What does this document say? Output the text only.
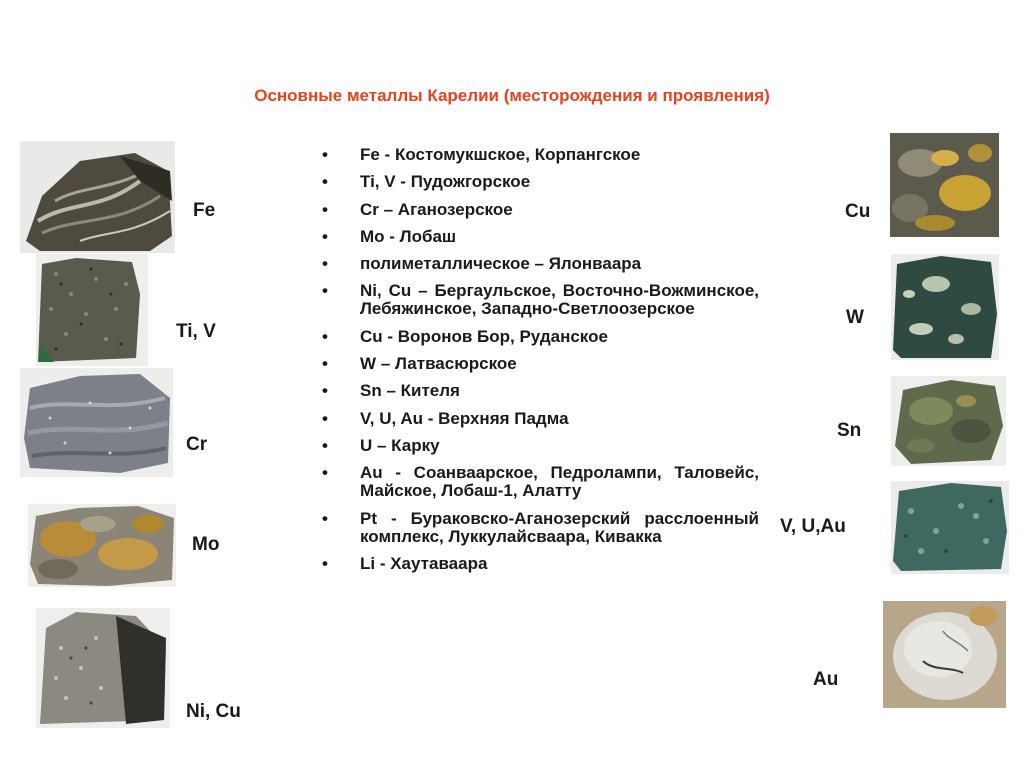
Основные металлы Карелии (месторождения и проявления)
• Fe - Костомукшское, Корпангское
• Ti, V - Пудожгорское
• Cr – Аганозерское
• Mo - Лобаш
• полиметаллическое – Ялонваара
• Ni, Cu – Бергаульское, Восточно-Вожминское, Лебяжинское, Западно-Светлоозерское
• Cu - Воронов Бор, Руданское
• W – Латвасюрское
• Sn – Кителя
• V, U, Au - Верхняя Падма
• U – Карку
• Au - Соанваарское, Педролампи, Таловейс, Майское, Лобаш-1, Алатту
• Pt - Бураковско-Аганозерский расслоенный комплекс, Луккулайсваара, Кивакка
• Li - Хаутаваара
Fe
Ti, V
Cr
Mo
Ni, Cu
Cu
W
Sn
V, U,Au
Au
